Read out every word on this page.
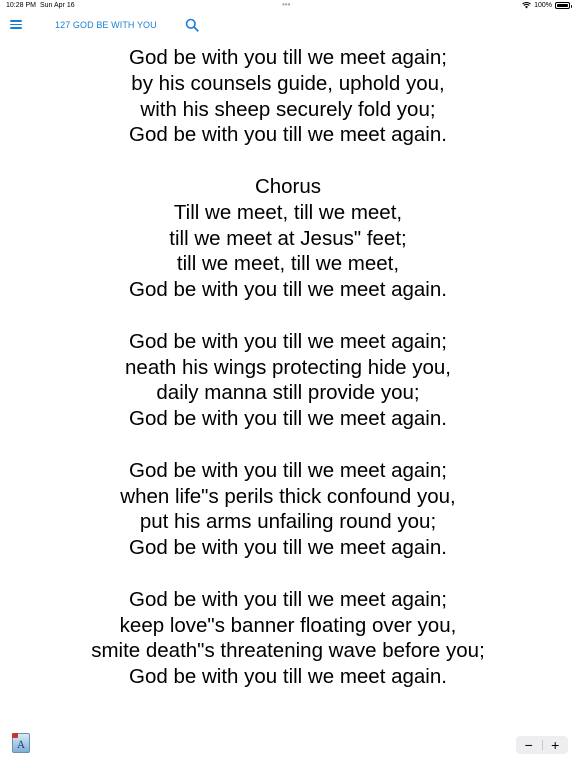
10:28 PM Sun Apr 16	•••	100%
127 GOD BE WITH YOU
God be with you till we meet again;
by his counsels guide, uphold you,
with his sheep securely fold you;
God be with you till we meet again.
Chorus
Till we meet, till we meet,
till we meet at Jesus" feet;
till we meet, till we meet,
God be with you till we meet again.
God be with you till we meet again;
neath his wings protecting hide you,
daily manna still provide you;
God be with you till we meet again.
God be with you till we meet again;
when life"s perils thick confound you,
put his arms unfailing round you;
God be with you till we meet again.
God be with you till we meet again;
keep love"s banner floating over you,
smite death"s threatening wave before you;
God be with you till we meet again.
A	−	+
